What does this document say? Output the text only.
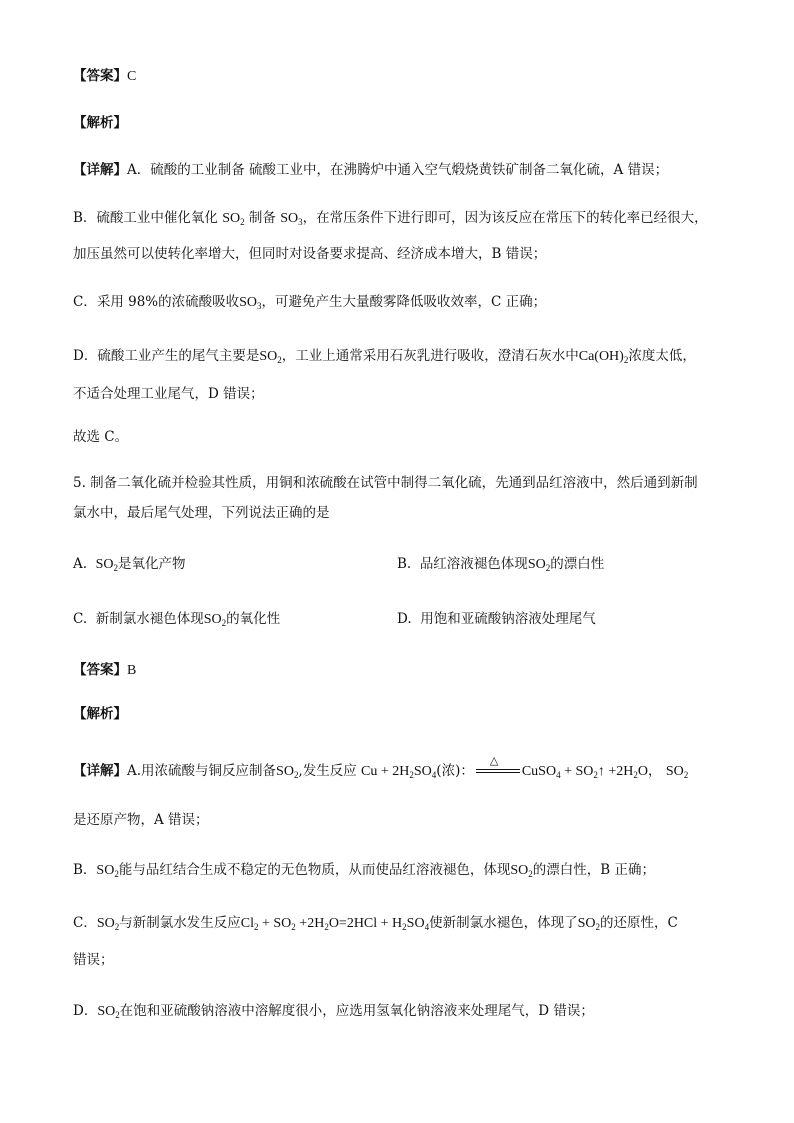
【答案】C
【解析】
【详解】A．硫酸的工业制备 硫酸工业中，在沸腾炉中通入空气煅烧黄铁矿制备二氧化硫，A 错误；
B．硫酸工业中催化氧化 $SO_2$ 制备 $SO_3$，在常压条件下进行即可，因为该反应在常压下的转化率已经很大，
加压虽然可以使转化率增大，但同时对设备要求提高、经济成本增大，B 错误；
C．采用 98%的浓硫酸吸收$SO_3$，可避免产生大量酸雾降低吸收效率，C 正确；
D．硫酸工业产生的尾气主要是$SO_2$，工业上通常采用石灰乳进行吸收，澄清石灰水中$Ca(OH)_2$浓度太低，
不适合处理工业尾气，D 错误；
故选 C。
5. 制备二氧化硫并检验其性质，用铜和浓硫酸在试管中制得二氧化硫，先通到品红溶液中，然后通到新制
氯水中，最后尾气处理，下列说法正确的是
A. $SO_2$是氧化产物	B. 品红溶液褪色体现$SO_2$的漂白性
C. 新制氯水褪色体现$SO_2$的氧化性	D. 用饱和亚硫酸钠溶液处理尾气
【答案】B
【解析】
【详解】A.用浓硫酸与铜反应制备$SO_2$,发生反应 $Cu + 2H_2SO_4$(浓)：
△
CuSO$_4$ + $SO_2↑ +2H_2O$， $SO_2$
是还原产物，A 错误；
B．$SO_2$能与品红结合生成不稳定的无色物质，从而使品红溶液褪色，体现$SO_2$的漂白性，B 正确；
C．$SO_2$与新制氯水发生反应$Cl_2 + SO_2 +2H_2O=2HCl + H_2SO_4$使新制氯水褪色，体现了$SO_2$的还原性，C
错误；
D．$SO_2$在饱和亚硫酸钠溶液中溶解度很小，应选用氢氧化钠溶液来处理尾气，D 错误；
